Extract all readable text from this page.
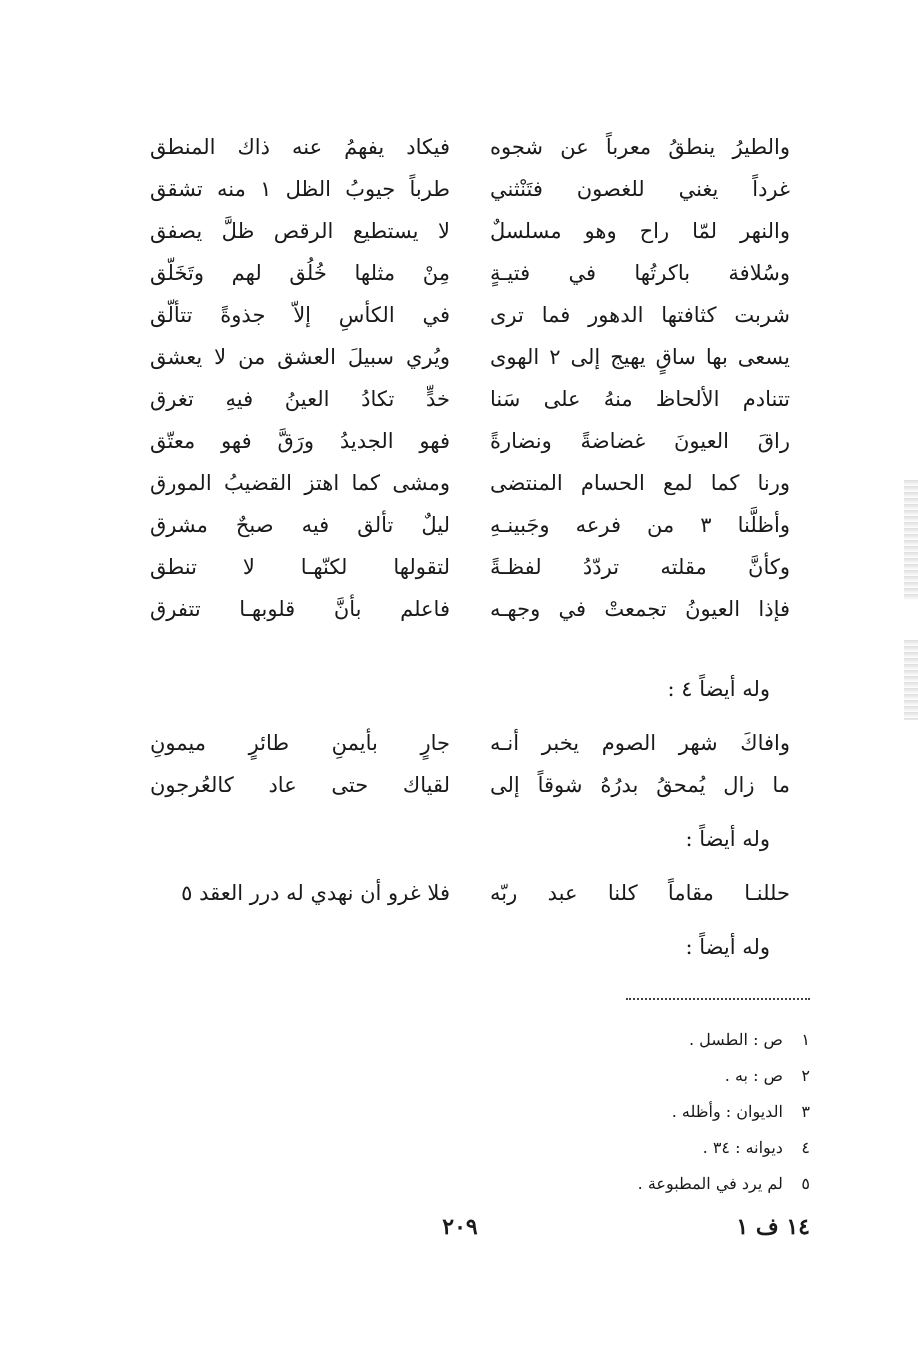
والطيرُ ينطقُ معرباً عن شجوه
فيكاد يفهمُ عنه ذاك المنطق
غرداً يغني للغصون فتَنْثني
طرباً جيوبُ الظل ١ منه تشقق
والنهر لمّا راح وهو مسلسلٌ
لا يستطيع الرقص ظلَّ يصفق
وسُلافة باكرتُها في فتيـةٍ
مِنْ مثلها خُلُق لهم وتَخَلّق
شربت كثافتها الدهور فما ترى
في الكأسِ إلاّ جذوةً تتألّق
يسعى بها ساقٍ يهيج إلى ٢ الهوى
ويُري سبيلَ العشق من لا يعشق
تتنادم الألحاظ منهُ على سَنا
خدٍّ تكادُ العينُ فيهِ تغرق
راقَ العيونَ غضاضةً ونضارةً
فهو الجديدُ ورَقَّ فهو معتّق
ورنا كما لمع الحسام المنتضى
ومشى كما اهتز القضيبُ المورق
وأظلَّنا ٣ من فرعه وجَبينـهِ
ليلٌ تألق فيه صبحٌ مشرق
وكأنَّ مقلته تردّدُ لفظـةً
لتقولها لكنّهـا لا تنطق
فإذا العيونُ تجمعتْ في وجهـه
فاعلم بأنَّ قلوبهـا تتفرق
وله أيضاً ٤ :
وافاكَ شهر الصوم يخبر أنـه
جارٍ بأيمنِ طائرٍ ميمونِ
ما زال يُمحقُ بدرُهُ شوقاً إلى
لقياك حتى عاد كالعُرجون
وله أيضاً :
حللنـا مقاماً كلنا عبد ربّه
فلا غرو أن نهدي له درر العقد ٥
وله أيضاً :
١ ص : الطسل .
٢ ص : به .
٣ الديوان : وأظله .
٤ ديوانه : ٣٤ .
٥ لم يرد في المطبوعة .
١٤ ف ١
٢٠٩
